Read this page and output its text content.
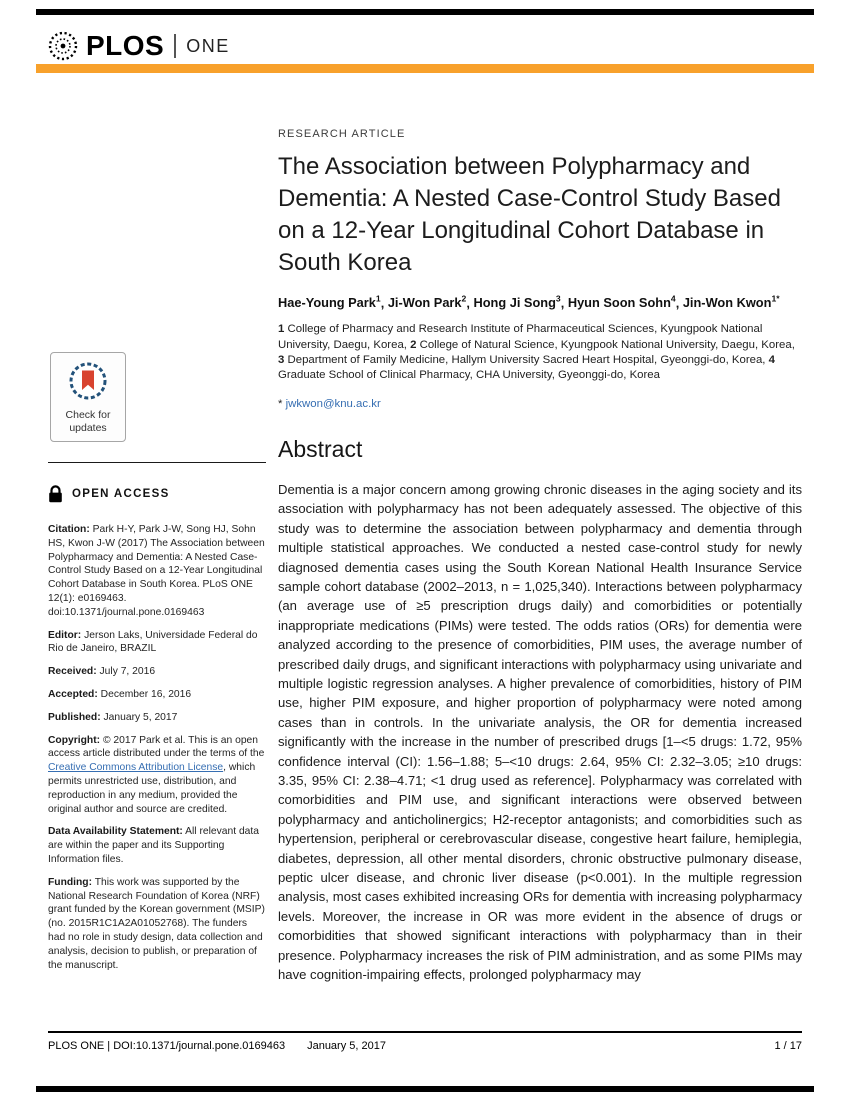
PLOS ONE
Check for
updates
OPEN ACCESS

Citation: Park H-Y, Park J-W, Song HJ, Sohn HS, Kwon J-W (2017) The Association between Polypharmacy and Dementia: A Nested Case-Control Study Based on a 12-Year Longitudinal Cohort Database in South Korea. PLoS ONE 12(1): e0169463. doi:10.1371/journal.pone.0169463

Editor: Jerson Laks, Universidade Federal do Rio de Janeiro, BRAZIL

Received: July 7, 2016

Accepted: December 16, 2016

Published: January 5, 2017

Copyright: © 2017 Park et al. This is an open access article distributed under the terms of the Creative Commons Attribution License, which permits unrestricted use, distribution, and reproduction in any medium, provided the original author and source are credited.

Data Availability Statement: All relevant data are within the paper and its Supporting Information files.

Funding: This work was supported by the National Research Foundation of Korea (NRF) grant funded by the Korean government (MSIP) (no. 2015R1C1A2A01052768). The funders had no role in study design, data collection and analysis, decision to publish, or preparation of the manuscript.

RESEARCH ARTICLE
The Association between Polypharmacy and Dementia: A Nested Case-Control Study Based on a 12-Year Longitudinal Cohort Database in South Korea
Hae-Young Park$^1$, Ji-Won Park$^2$, Hong Ji Song$^3$, Hyun Soon Sohn$^4$, Jin-Won Kwon$^{1*}$

1 College of Pharmacy and Research Institute of Pharmaceutical Sciences, Kyungpook National University, Daegu, Korea, 2 College of Natural Science, Kyungpook National University, Daegu, Korea, 3 Department of Family Medicine, Hallym University Sacred Heart Hospital, Gyeonggi-do, Korea, 4 Graduate School of Clinical Pharmacy, CHA University, Gyeonggi-do, Korea

* jwkwon@knu.ac.kr

Abstract

Dementia is a major concern among growing chronic diseases in the aging society and its association with polypharmacy has not been adequately assessed. The objective of this study was to determine the association between polypharmacy and dementia through multiple statistical approaches. We conducted a nested case-control study for newly diagnosed dementia cases using the South Korean National Health Insurance Service sample cohort database (2002–2013, n = 1,025,340). Interactions between polypharmacy (an average use of ≥5 prescription drugs daily) and comorbidities or potentially inappropriate medications (PIMs) were tested. The odds ratios (ORs) for dementia were analyzed according to the presence of comorbidities, PIM uses, the average number of prescribed daily drugs, and significant interactions with polypharmacy using univariate and multiple logistic regression analyses. A higher prevalence of comorbidities, history of PIM use, higher PIM exposure, and higher proportion of polypharmacy were noted among cases than in controls. In the univariate analysis, the OR for dementia increased significantly with the increase in the number of prescribed drugs [1–<5 drugs: 1.72, 95% confidence interval (CI): 1.56–1.88; 5–<10 drugs: 2.64, 95% CI: 2.32–3.05; ≥10 drugs: 3.35, 95% CI: 2.38–4.71; <1 drug used as reference]. Polypharmacy was correlated with comorbidities and PIM use, and significant interactions were observed between polypharmacy and anticholinergics; H2-receptor antagonists; and comorbidities such as hypertension, peripheral or cerebrovascular disease, congestive heart failure, hemiplegia, diabetes, depression, all other mental disorders, chronic obstructive pulmonary disease, peptic ulcer disease, and chronic liver disease (p<0.001). In the multiple regression analysis, most cases exhibited increasing ORs for dementia with increasing polypharmacy levels. Moreover, the increase in OR was more evident in the absence of drugs or comorbidities that showed significant interactions with polypharmacy than in their presence. Polypharmacy increases the risk of PIM administration, and as some PIMs may have cognition-impairing effects, prolonged polypharmacy may

PLOS ONE | DOI:10.1371/journal.pone.0169463 January 5, 2017	1 / 17
